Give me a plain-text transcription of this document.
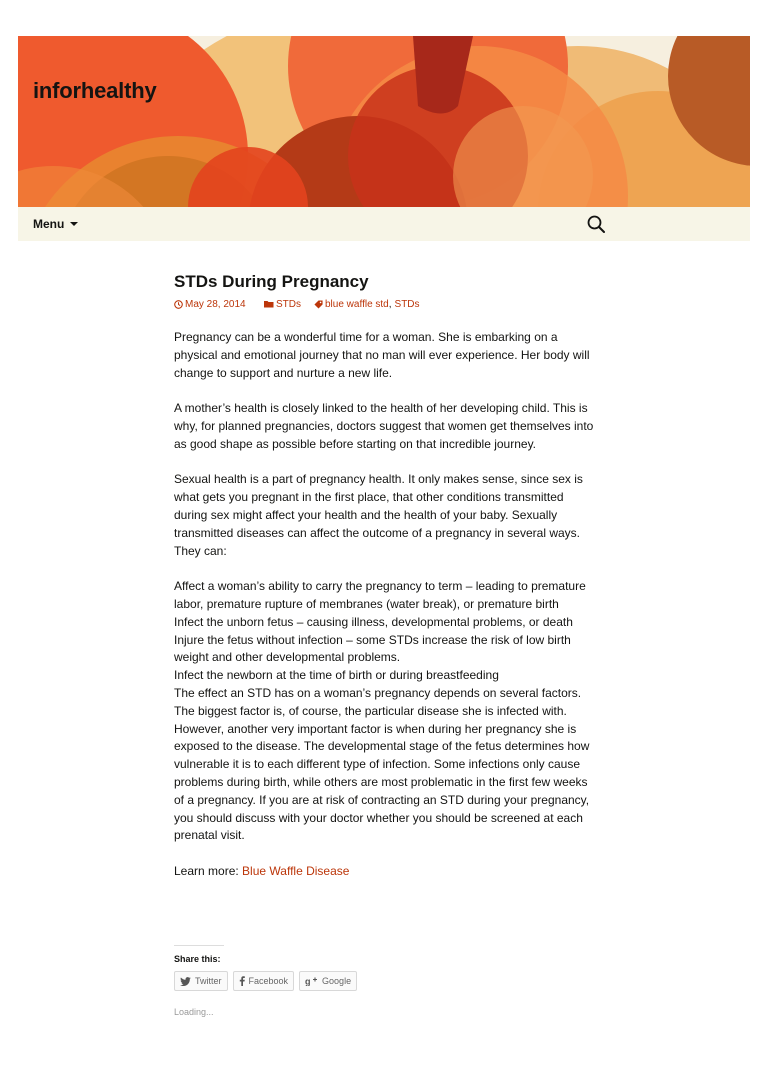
inforhealthy
Menu
STDs During Pregnancy
May 28, 2014	STDs blue waffle std , STDs

Pregnancy can be a wonderful time for a woman. She is embarking on a physical and emotional journey that no man will ever experience. Her body will change to support and nurture a new life.

A mother’s health is closely linked to the health of her developing child. This is why, for planned pregnancies, doctors suggest that women get themselves into as good shape as possible before starting on that incredible journey.

Sexual health is a part of pregnancy health. It only makes sense, since sex is what gets you pregnant in the first place, that other conditions transmitted during sex might affect your health and the health of your baby. Sexually transmitted diseases can affect the outcome of a pregnancy in several ways. They can:

Affect a woman’s ability to carry the pregnancy to term – leading to premature labor, premature rupture of membranes (water break), or premature birth
Infect the unborn fetus – causing illness, developmental problems, or death
Injure the fetus without infection – some STDs increase the risk of low birth weight and other developmental problems.
Infect the newborn at the time of birth or during breastfeeding
The effect an STD has on a woman’s pregnancy depends on several factors. The biggest factor is, of course, the particular disease she is infected with. However, another very important factor is when during her pregnancy she is exposed to the disease. The developmental stage of the fetus determines how vulnerable it is to each different type of infection. Some infections only cause problems during birth, while others are most problematic in the first few weeks of a pregnancy. If you are at risk of contracting an STD during your pregnancy, you should discuss with your doctor whether you should be screened at each prenatal visit.

Learn more: Blue Waffle Disease

Share this:
Twitter	Facebook g Google
Loading...
